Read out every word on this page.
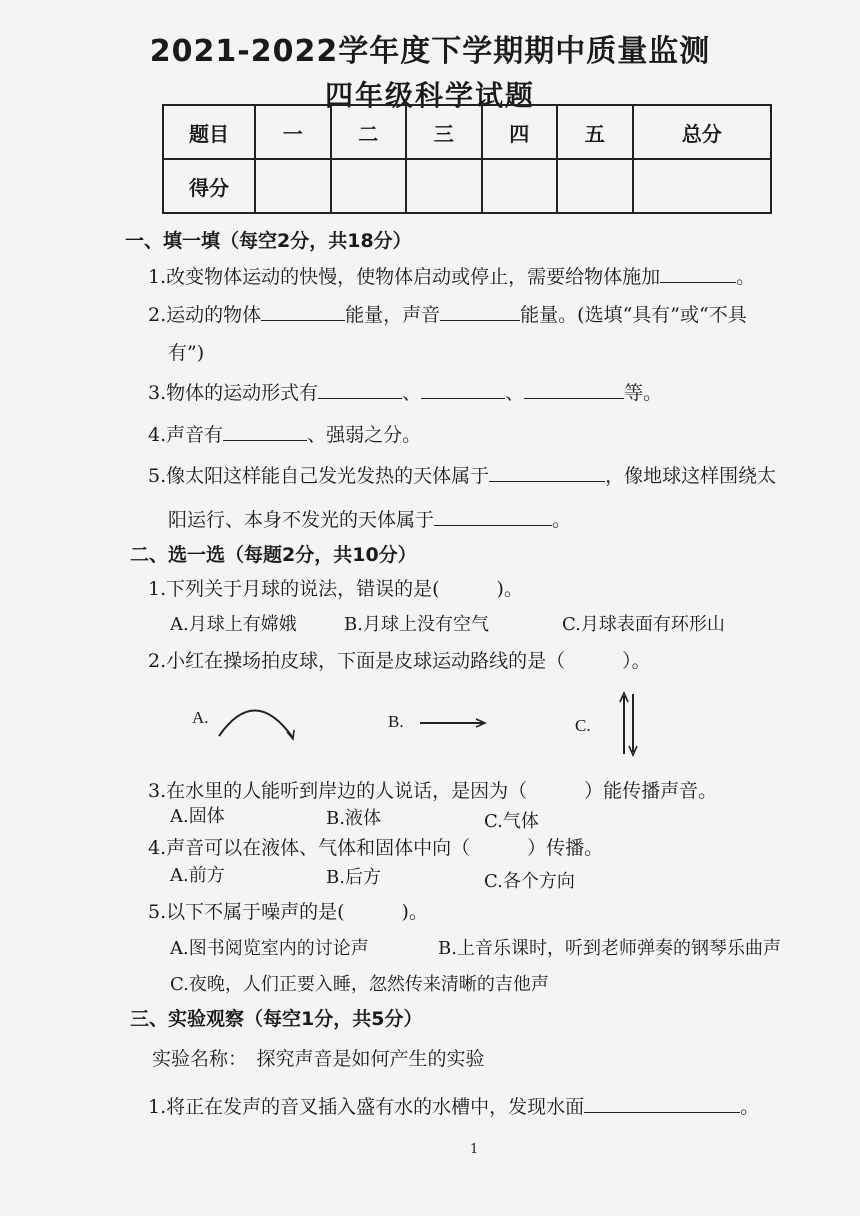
2021-2022学年度下学期期中质量监测
四年级科学试题
题目	一	二	三	四	五	总分
得分						
一、填一填（每空2分，共18分）
1.改变物体运动的快慢，使物体启动或停止，需要给物体施加	。
2.运动的物体	能量，声音	能量。(选填“具有”或“不具
有”)
3.物体的运动形式有	、	、	等。
4.声音有	、强弱之分。
5.像太阳这样能自己发光发热的天体属于	，像地球这样围绕太
阳运行、本身不发光的天体属于	。
二、选一选（每题2分，共10分）
1.下列关于月球的说法，错误的是(　　　)。
A.月球上有嫦娥	B.月球上没有空气	C.月球表面有环形山
2.小红在操场拍皮球，下面是皮球运动路线的是（　　　）。
A.	B.	C.
3.在水里的人能听到岸边的人说话，是因为（　　　）能传播声音。
A.固体	B.液体	C.气体
4.声音可以在液体、气体和固体中向（　　　）传播。
A.前方	B.后方	C.各个方向
5.以下不属于噪声的是(　　　)。
A.图书阅览室内的讨论声	B.上音乐课时，听到老师弹奏的钢琴乐曲声
C.夜晚，人们正要入睡，忽然传来清晰的吉他声
三、实验观察（每空1分，共5分）
实验名称：　探究声音是如何产生的实验
1.将正在发声的音叉插入盛有水的水槽中，发现水面	。
1
